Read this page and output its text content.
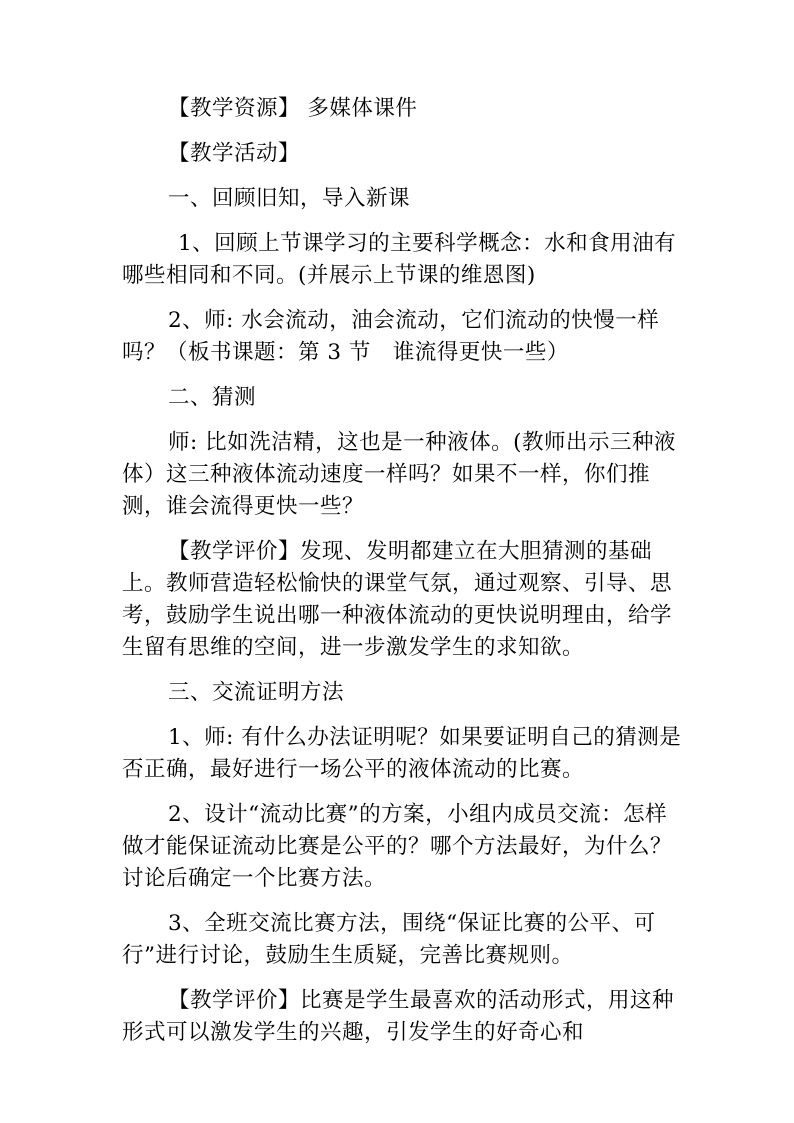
【教学资源】 多媒体课件

【教学活动】

一、回顾旧知，导入新课

1、回顾上节课学习的主要科学概念：水和食用油有哪些相同和不同。(并展示上节课的维恩图)

2、师: 水会流动，油会流动，它们流动的快慢一样吗？（板书课题：第 3 节　谁流得更快一些）

二、猜测

师: 比如洗洁精，这也是一种液体。(教师出示三种液体）这三种液体流动速度一样吗？如果不一样，你们推测，谁会流得更快一些？

【教学评价】发现、发明都建立在大胆猜测的基础上。教师营造轻松愉快的课堂气氛，通过观察、引导、思考，鼓励学生说出哪一种液体流动的更快说明理由，给学生留有思维的空间，进一步激发学生的求知欲。

三、交流证明方法

1、师: 有什么办法证明呢？如果要证明自己的猜测是否正确，最好进行一场公平的液体流动的比赛。

2、设计“流动比赛”的方案，小组内成员交流：怎样做才能保证流动比赛是公平的？哪个方法最好，为什么？讨论后确定一个比赛方法。

3、全班交流比赛方法，围绕“保证比赛的公平、可行”进行讨论，鼓励生生质疑，完善比赛规则。

【教学评价】比赛是学生最喜欢的活动形式，用这种形式可以激发学生的兴趣，引发学生的好奇心和
